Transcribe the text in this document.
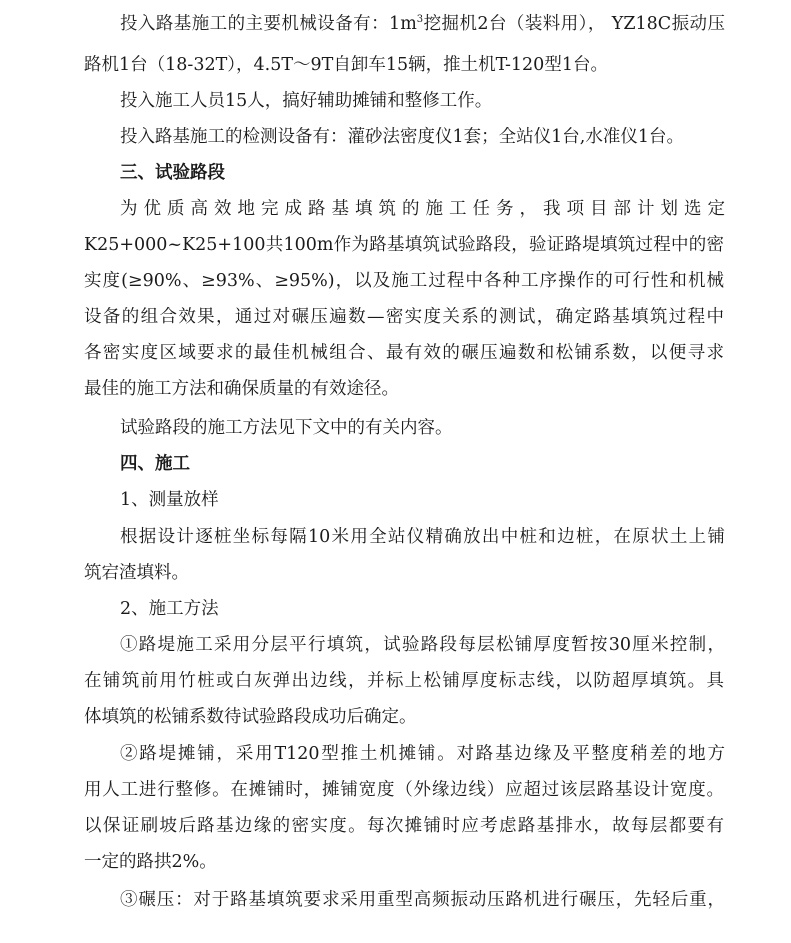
投入路基施工的主要机械设备有：$1m^3$挖掘机2台（装料用）， YZ18C振动压
路机1台（18-32T），4.5T～9T自卸车15辆，推土机T-120型1台。
投入施工人员15人，搞好辅助摊铺和整修工作。
投入路基施工的检测设备有：灌砂法密度仪1套；全站仪1台,水准仪1台。
三、试验路段
为 优 质 高 效 地 完 成 路 基 填 筑 的 施 工 任 务 ， 我 项 目 部 计 划 选 定
K25+000~K25+100共100m作为路基填筑试验路段，验证路堤填筑过程中的密
实度(≥90%、≥93%、≥95%)，以及施工过程中各种工序操作的可行性和机械
设备的组合效果，通过对碾压遍数—密实度关系的测试，确定路基填筑过程中
各密实度区域要求的最佳机械组合、最有效的碾压遍数和松铺系数，以便寻求
最佳的施工方法和确保质量的有效途径。
试验路段的施工方法见下文中的有关内容。
四、施工
1、测量放样
根据设计逐桩坐标每隔10米用全站仪精确放出中桩和边桩，在原状土上铺
筑宕渣填料。
2、施工方法
①路堤施工采用分层平行填筑，试验路段每层松铺厚度暂按30厘米控制，
在铺筑前用竹桩或白灰弹出边线，并标上松铺厚度标志线，以防超厚填筑。具
体填筑的松铺系数待试验路段成功后确定。
②路堤摊铺，采用T120型推土机摊铺。对路基边缘及平整度稍差的地方
用人工进行整修。在摊铺时，摊铺宽度（外缘边线）应超过该层路基设计宽度。
以保证刷坡后路基边缘的密实度。每次摊铺时应考虑路基排水，故每层都要有
一定的路拱2%。
③碾压：对于路基填筑要求采用重型高频振动压路机进行碾压，先轻后重，
